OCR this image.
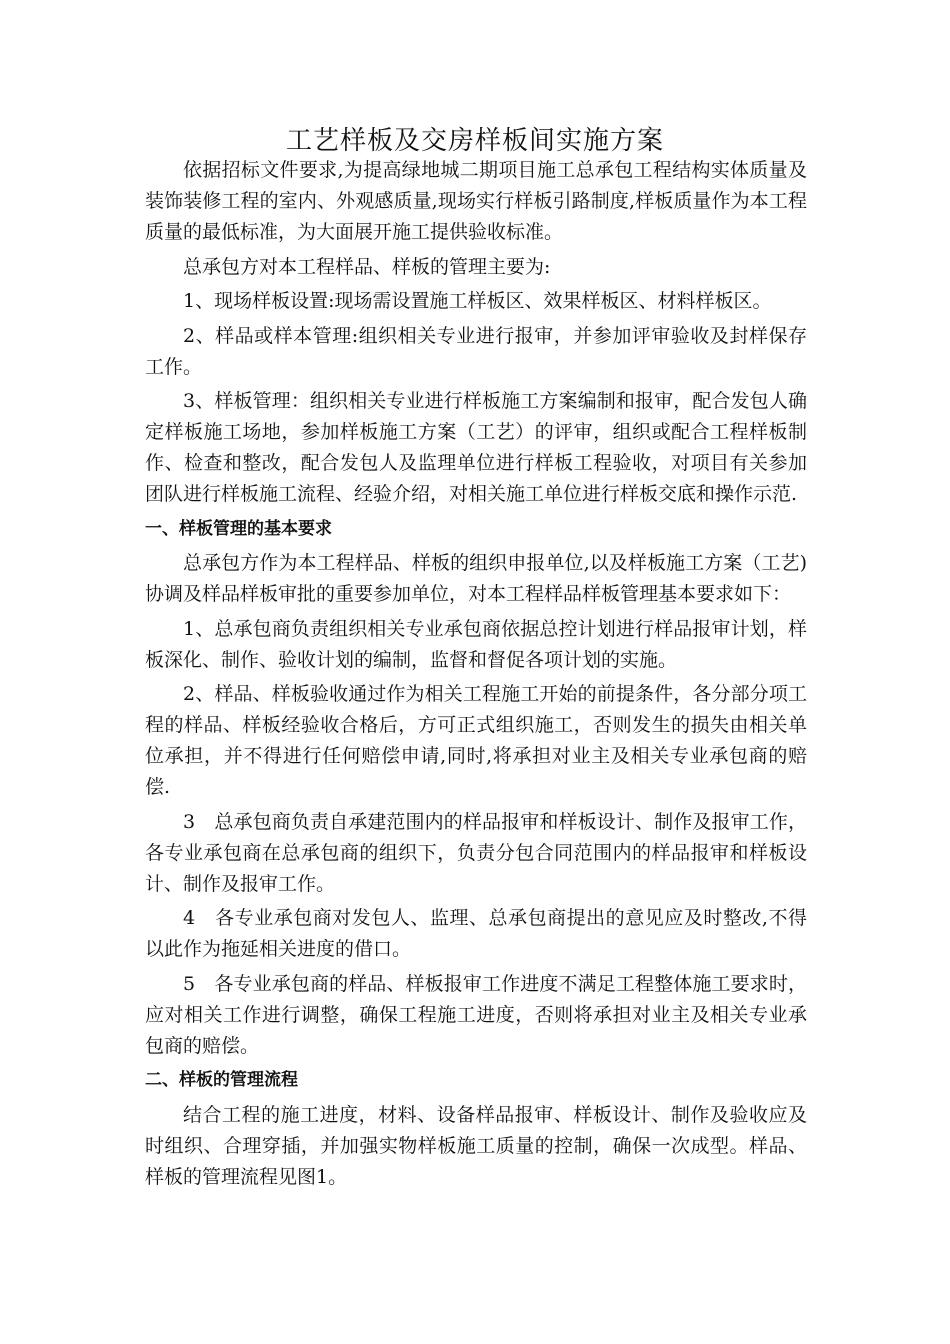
工艺样板及交房样板间实施方案

依据招标文件要求,为提高绿地城二期项目施工总承包工程结构实体质量及装饰装修工程的室内、外观感质量,现场实行样板引路制度,样板质量作为本工程质量的最低标准，为大面展开施工提供验收标准。

总承包方对本工程样品、样板的管理主要为:

1、现场样板设置:现场需设置施工样板区、效果样板区、材料样板区。

2、样品或样本管理:组织相关专业进行报审，并参加评审验收及封样保存工作。

3、样板管理：组织相关专业进行样板施工方案编制和报审，配合发包人确定样板施工场地，参加样板施工方案（工艺）的评审，组织或配合工程样板制作、检查和整改，配合发包人及监理单位进行样板工程验收，对项目有关参加团队进行样板施工流程、经验介绍，对相关施工单位进行样板交底和操作示范.

一、样板管理的基本要求

总承包方作为本工程样品、样板的组织申报单位,以及样板施工方案（工艺)协调及样品样板审批的重要参加单位，对本工程样品样板管理基本要求如下：

1、总承包商负责组织相关专业承包商依据总控计划进行样品报审计划，样板深化、制作、验收计划的编制，监督和督促各项计划的实施。

2、样品、样板验收通过作为相关工程施工开始的前提条件，各分部分项工程的样品、样板经验收合格后，方可正式组织施工，否则发生的损失由相关单位承担，并不得进行任何赔偿申请,同时,将承担对业主及相关专业承包商的赔偿.

3　总承包商负责自承建范围内的样品报审和样板设计、制作及报审工作，各专业承包商在总承包商的组织下，负责分包合同范围内的样品报审和样板设计、制作及报审工作。

4　各专业承包商对发包人、监理、总承包商提出的意见应及时整改,不得以此作为拖延相关进度的借口。

5　各专业承包商的样品、样板报审工作进度不满足工程整体施工要求时，应对相关工作进行调整，确保工程施工进度，否则将承担对业主及相关专业承包商的赔偿。

二、样板的管理流程

结合工程的施工进度，材料、设备样品报审、样板设计、制作及验收应及时组织、合理穿插，并加强实物样板施工质量的控制，确保一次成型。样品、样板的管理流程见图1。
